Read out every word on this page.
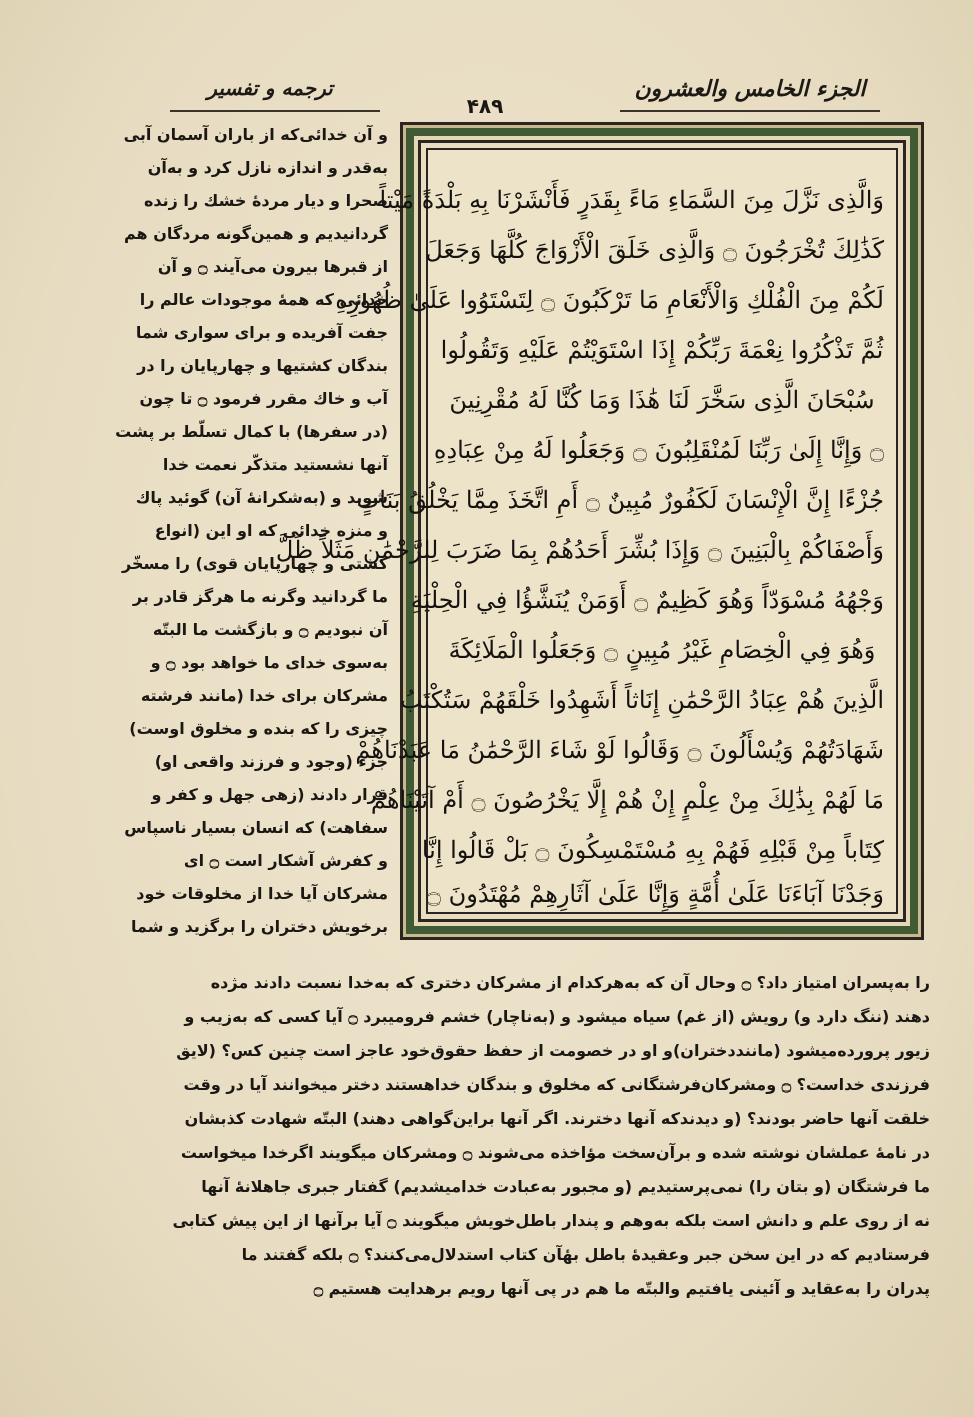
الجزء الخامس والعشرون
۴۸۹
ترجمه و تفسیر
وَالَّذِى نَزَّلَ مِنَ السَّمَاءِ مَاءً بِقَدَرٍ فَأَنْشَرْنَا بِهِ بَلْدَةً مَيْتاً
كَذَٰلِكَ تُخْرَجُونَ ۝ وَالَّذِى خَلَقَ الْأَزْوَاجَ كُلَّهَا وَجَعَلَ
لَكُمْ مِنَ الْفُلْكِ وَالْأَنْعَامِ مَا تَرْكَبُونَ ۝ لِتَسْتَوُوا عَلَىٰ ظُهُورِهِ
ثُمَّ تَذْكُرُوا نِعْمَةَ رَبِّكُمْ إِذَا اسْتَوَيْتُمْ عَلَيْهِ وَتَقُولُوا
سُبْحَانَ الَّذِى سَخَّرَ لَنَا هَٰذَا وَمَا كُنَّا لَهُ مُقْرِنِينَ
۝ وَإِنَّا إِلَىٰ رَبِّنَا لَمُنْقَلِبُونَ ۝ وَجَعَلُوا لَهُ مِنْ عِبَادِهِ
جُزْءًا إِنَّ الْإِنْسَانَ لَكَفُورٌ مُبِينٌ ۝ أَمِ اتَّخَذَ مِمَّا يَخْلُقُ بَنَاتٍ
وَأَصْفَاكُمْ بِالْبَنِينَ ۝ وَإِذَا بُشِّرَ أَحَدُهُمْ بِمَا ضَرَبَ لِلرَّحْمَٰنِ مَثَلاً ظَلَّ
وَجْهُهُ مُسْوَدّاً وَهُوَ كَظِيمٌ ۝ أَوَمَنْ يُنَشَّؤُا فِي الْحِلْيَةِ
وَهُوَ فِي الْخِصَامِ غَيْرُ مُبِينٍ ۝ وَجَعَلُوا الْمَلَائِكَةَ
الَّذِينَ هُمْ عِبَادُ الرَّحْمَٰنِ إِنَاثاً أَشَهِدُوا خَلْقَهُمْ سَتُكْتَبُ
شَهَادَتُهُمْ وَيُسْأَلُونَ ۝ وَقَالُوا لَوْ شَاءَ الرَّحْمَٰنُ مَا عَبَدْنَاهُمْ
مَا لَهُمْ بِذَٰلِكَ مِنْ عِلْمٍ إِنْ هُمْ إِلَّا يَخْرُصُونَ ۝ أَمْ آتَيْنَاهُمْ
كِتَاباً مِنْ قَبْلِهِ فَهُمْ بِهِ مُسْتَمْسِكُونَ ۝ بَلْ قَالُوا إِنَّا
وَجَدْنَا آبَاءَنَا عَلَىٰ أُمَّةٍ وَإِنَّا عَلَىٰ آثَارِهِمْ مُهْتَدُونَ ۝
و آن خدائی‌که از باران آسمان آبی
به‌قدر و اندازه نازل کرد و به‌آن
صحرا و دیار مردهٔ خشك را زنده
گردانیدیم و همین‌گونه مردگان هم
از قبرها بیرون می‌آیند ۝ و آن
خدائی که همهٔ موجودات عالم را
جفت آفریده و برای سواری شما
بندگان کشتیها و چهارپایان را در
آب و خاك مقرر فرمود ۝ تا چون
(در سفرها) با کمال تسلّط بر پشت
آنها نشستید متذکّر نعمت خدا
شوید و (به‌شکرانهٔ آن) گوئید پاك
و منزه خدائی که او این (انواع
کشتی و چهارپایان قوی) را مسخّر
ما گردانید وگرنه ما هرگز قادر بر
آن نبودیم ۝ و بازگشت ما البتّه
به‌سوی خدای ما خواهد بود ۝ و
مشرکان برای خدا (مانند فرشته
چیزی را که بنده و مخلوق اوست)
جزء (وجود و فرزند واقعی او)
قرار دادند (زهی جهل و کفر و
سفاهت) که انسان بسیار ناسپاس
و کفرش آشکار است ۝ ای
مشرکان آیا خدا از مخلوقات خود
برخویش دختران را برگزید و شما
را به‌پسران امتیاز داد؟ ۝ وحال آن که به‌هرکدام از مشرکان دختری که به‌خدا نسبت دادند مژده
دهند (ننگ دارد و) رویش (از غم) سیاه میشود و (به‌ناچار) خشم فرومیبرد ۝ آیا کسی که به‌زیب و
زیور پرورده‌میشود (مانند‌دختران)و او در خصومت از حفظ حقوق‌خود عاجز است چنین کس؟ (لایق
فرزندی خداست؟ ۝ ومشرکان‌فرشتگانی که مخلوق و بندگان خداهستند دختر میخوانند آیا در وقت
خلقت آنها حاضر بودند؟ (و دیدندکه آنها دخترند. اگر آنها براین‌گواهی دهند) البتّه شهادت کذبشان
در نامهٔ عملشان نوشته شده و برآن‌سخت مؤاخذه می‌شوند ۝ ومشرکان میگویند اگرخدا میخواست
ما فرشتگان (و بتان را) نمی‌پرستیدیم (و مجبور به‌عبادت خدامیشدیم) گفتار جبری جاهلانهٔ آنها
نه از روی علم و دانش است بلکه به‌وهم و پندار باطل‌خویش میگویند ۝ آیا برآنها از این پیش کتابی
فرستادیم که در این سخن جبر وعقیدهٔ باطل بهٔآن کتاب استدلال‌می‌کنند؟ ۝ بلکه گفتند ما
پدران را به‌عقاید و آئینی یافتیم والبتّه ما هم در پی آنها رویم برهدایت هستیم ۝
